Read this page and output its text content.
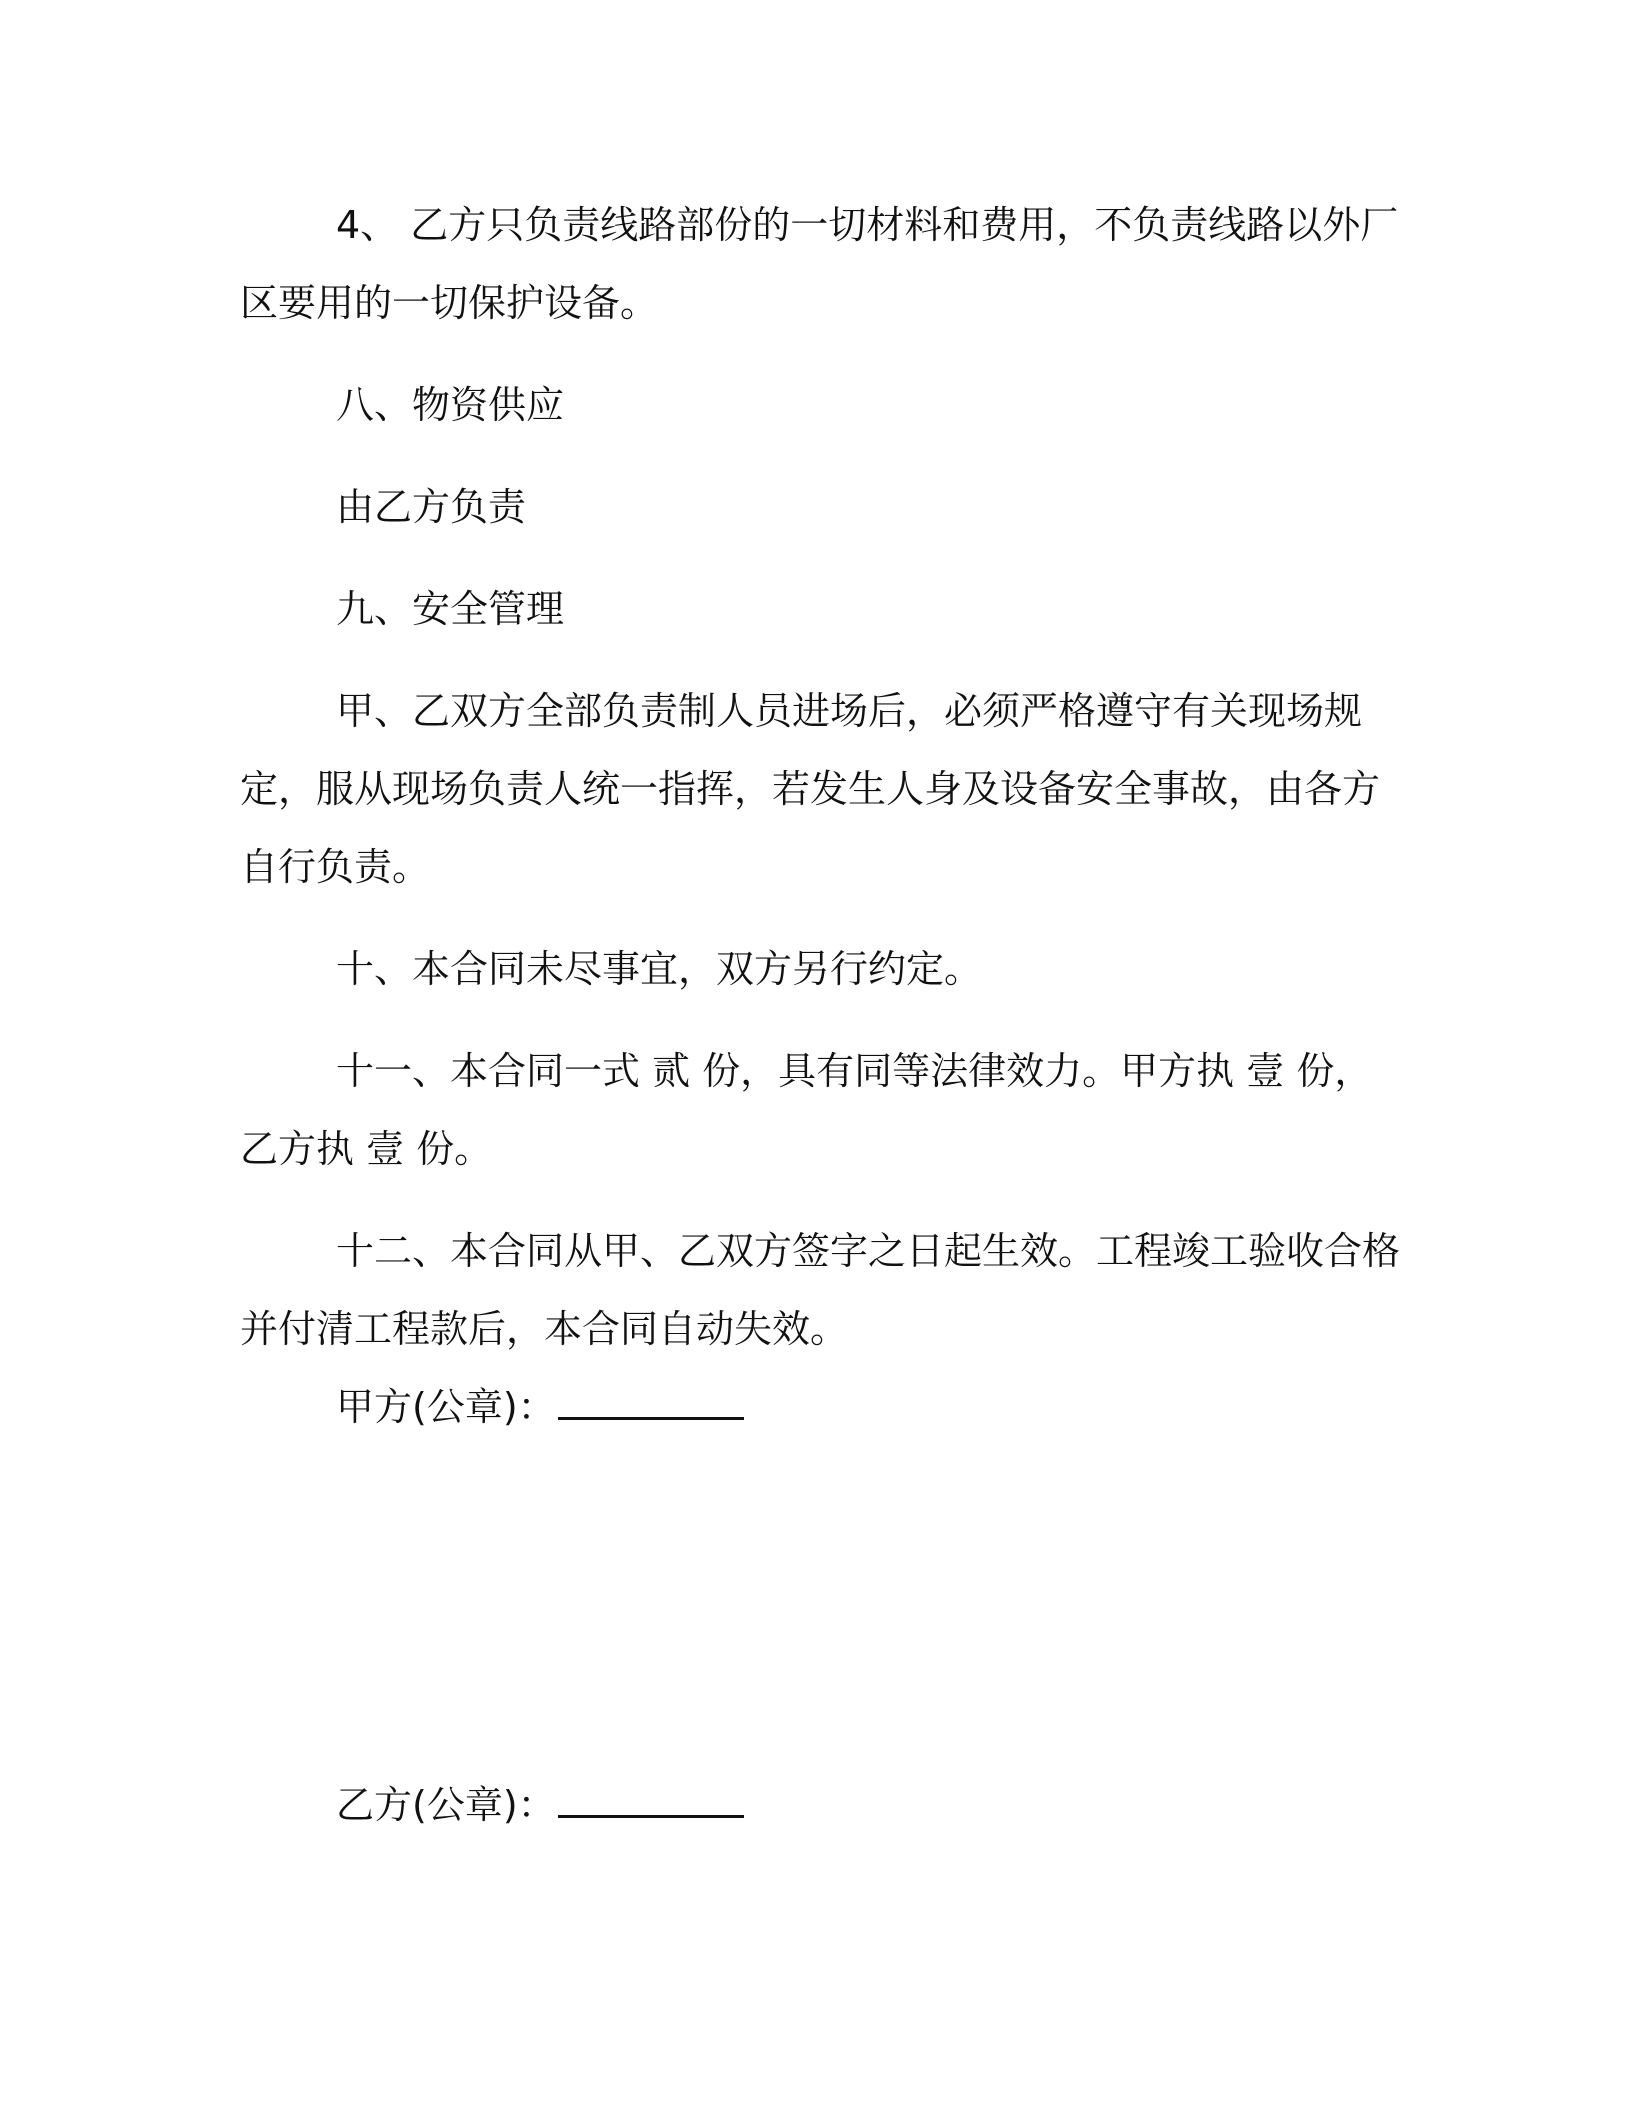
4、 乙方只负责线路部份的一切材料和费用，不负责线路以外厂区要用的一切保护设备。

八、物资供应

由乙方负责

九、安全管理

甲、乙双方全部负责制人员进场后，必须严格遵守有关现场规定，服从现场负责人统一指挥，若发生人身及设备安全事故，由各方自行负责。

十、本合同未尽事宜，双方另行约定。

十一、本合同一式 贰 份，具有同等法律效力。甲方执 壹 份，乙方执 壹 份。

十二、本合同从甲、乙双方签字之日起生效。工程竣工验收合格并付清工程款后，本合同自动失效。

甲方(公章)：

乙方(公章)：
